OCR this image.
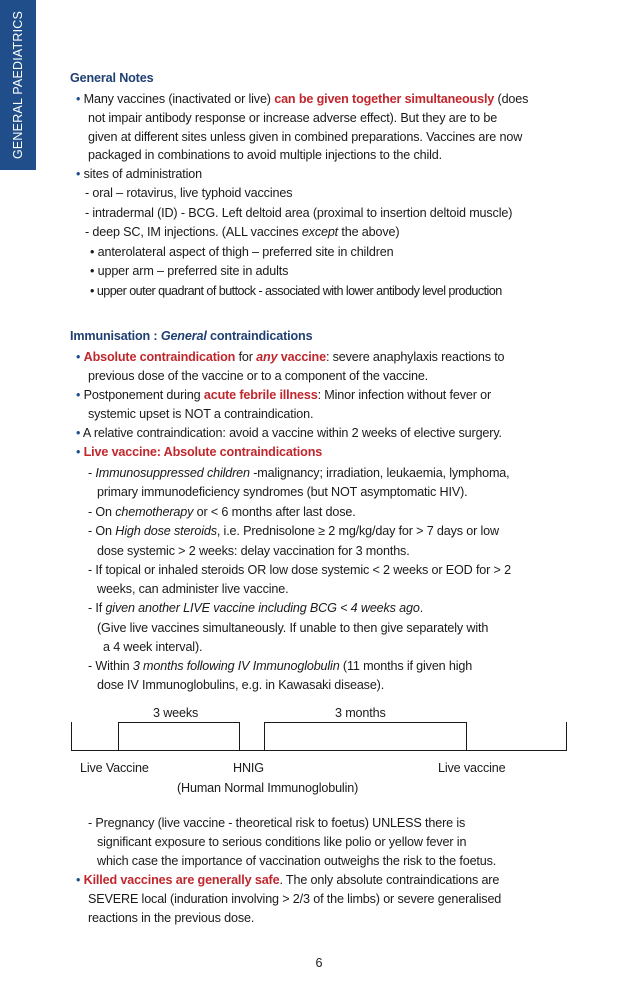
GENERAL PAEDIATRICS	General Notes
• Many vaccines (inactivated or live) can be given together simultaneously (does
not impair antibody response or increase adverse effect). But they are to be
given at different sites unless given in combined preparations. Vaccines are now
packaged in combinations to avoid multiple injections to the child.
• sites of administration
- oral – rotavirus, live typhoid vaccines
- intradermal (ID) - BCG. Left deltoid area (proximal to insertion deltoid muscle)
- deep SC, IM injections. (ALL vaccines except the above)
• anterolateral aspect of thigh – preferred site in children
• upper arm – preferred site in adults
• upper outer quadrant of buttock - associated with lower antibody level production
Immunisation : General contraindications
• Absolute contraindication for any vaccine: severe anaphylaxis reactions to
previous dose of the vaccine or to a component of the vaccine.
• Postponement during acute febrile illness: Minor infection without fever or
systemic upset is NOT a contraindication.
• A relative contraindication: avoid a vaccine within 2 weeks of elective surgery.
• Live vaccine: Absolute contraindications
- Immunosuppressed children -malignancy; irradiation, leukaemia, lymphoma,
primary immunodeficiency syndromes (but NOT asymptomatic HIV).
- On chemotherapy or < 6 months after last dose.
- On High dose steroids, i.e. Prednisolone ≥ 2 mg/kg/day for > 7 days or low
dose systemic > 2 weeks: delay vaccination for 3 months.
- If topical or inhaled steroids OR low dose systemic < 2 weeks or EOD for > 2
weeks, can administer live vaccine.
- If given another LIVE vaccine including BCG < 4 weeks ago.
(Give live vaccines simultaneously. If unable to then give separately with
a 4 week interval).
- Within 3 months following IV Immunoglobulin (11 months if given high
dose IV Immunoglobulins, e.g. in Kawasaki disease).
3 weeks	3 months
Live Vaccine	HNIG	Live vaccine
(Human Normal Immunoglobulin)
- Pregnancy (live vaccine - theoretical risk to foetus) UNLESS there is
significant exposure to serious conditions like polio or yellow fever in
which case the importance of vaccination outweighs the risk to the foetus.
• Killed vaccines are generally safe. The only absolute contraindications are
SEVERE local (induration involving > 2/3 of the limbs) or severe generalised
reactions in the previous dose.
6
